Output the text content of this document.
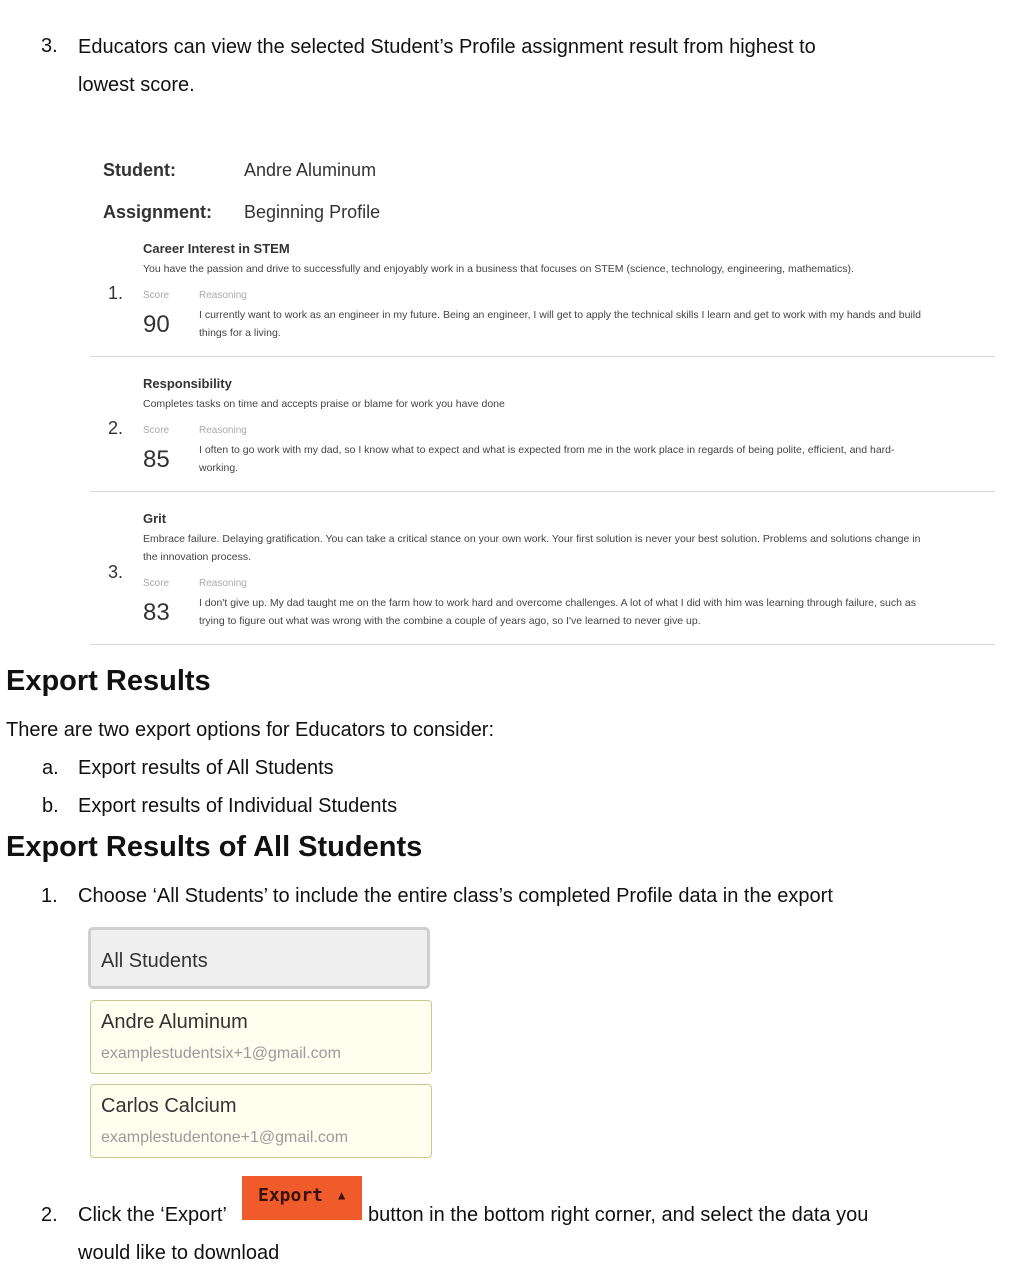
3. Educators can view the selected Student’s Profile assignment result from highest to
lowest score.
Student:	Andre Aluminum
Assignment: Beginning Profile
Career Interest in STEM
You have the passion and drive to successfully and enjoyably work in a business that focuses on STEM (science, technology, engineering, mathematics).
1. Score	Reasoning
90	I currently want to work as an engineer in my future. Being an engineer, I will get to apply the technical skills I learn and get to work with my hands and build
things for a living.
Responsibility
Completes tasks on time and accepts praise or blame for work you have done
2. Score	Reasoning
85	I often to go work with my dad, so I know what to expect and what is expected from me in the work place in regards of being polite, efficient, and hard-
working.
Grit
Embrace failure. Delaying gratification. You can take a critical stance on your own work. Your first solution is never your best solution. Problems and solutions change in
the innovation process.
3.
Score	Reasoning
83	I don't give up. My dad taught me on the farm how to work hard and overcome challenges. A lot of what I did with him was learning through failure, such as
trying to figure out what was wrong with the combine a couple of years ago, so I've learned to never give up.
Export Results
There are two export options for Educators to consider:
a. Export results of All Students
b. Export results of Individual Students
Export Results of All Students
1. Choose ‘All Students’ to include the entire class’s completed Profile data in the export
All Students
Andre Aluminum
examplestudentsix+1@gmail.com
Carlos Calcium
examplestudentone+1@gmail.com
2. Click the ‘Export’
Export ▲
button in the bottom right corner, and select the data you
would like to download
